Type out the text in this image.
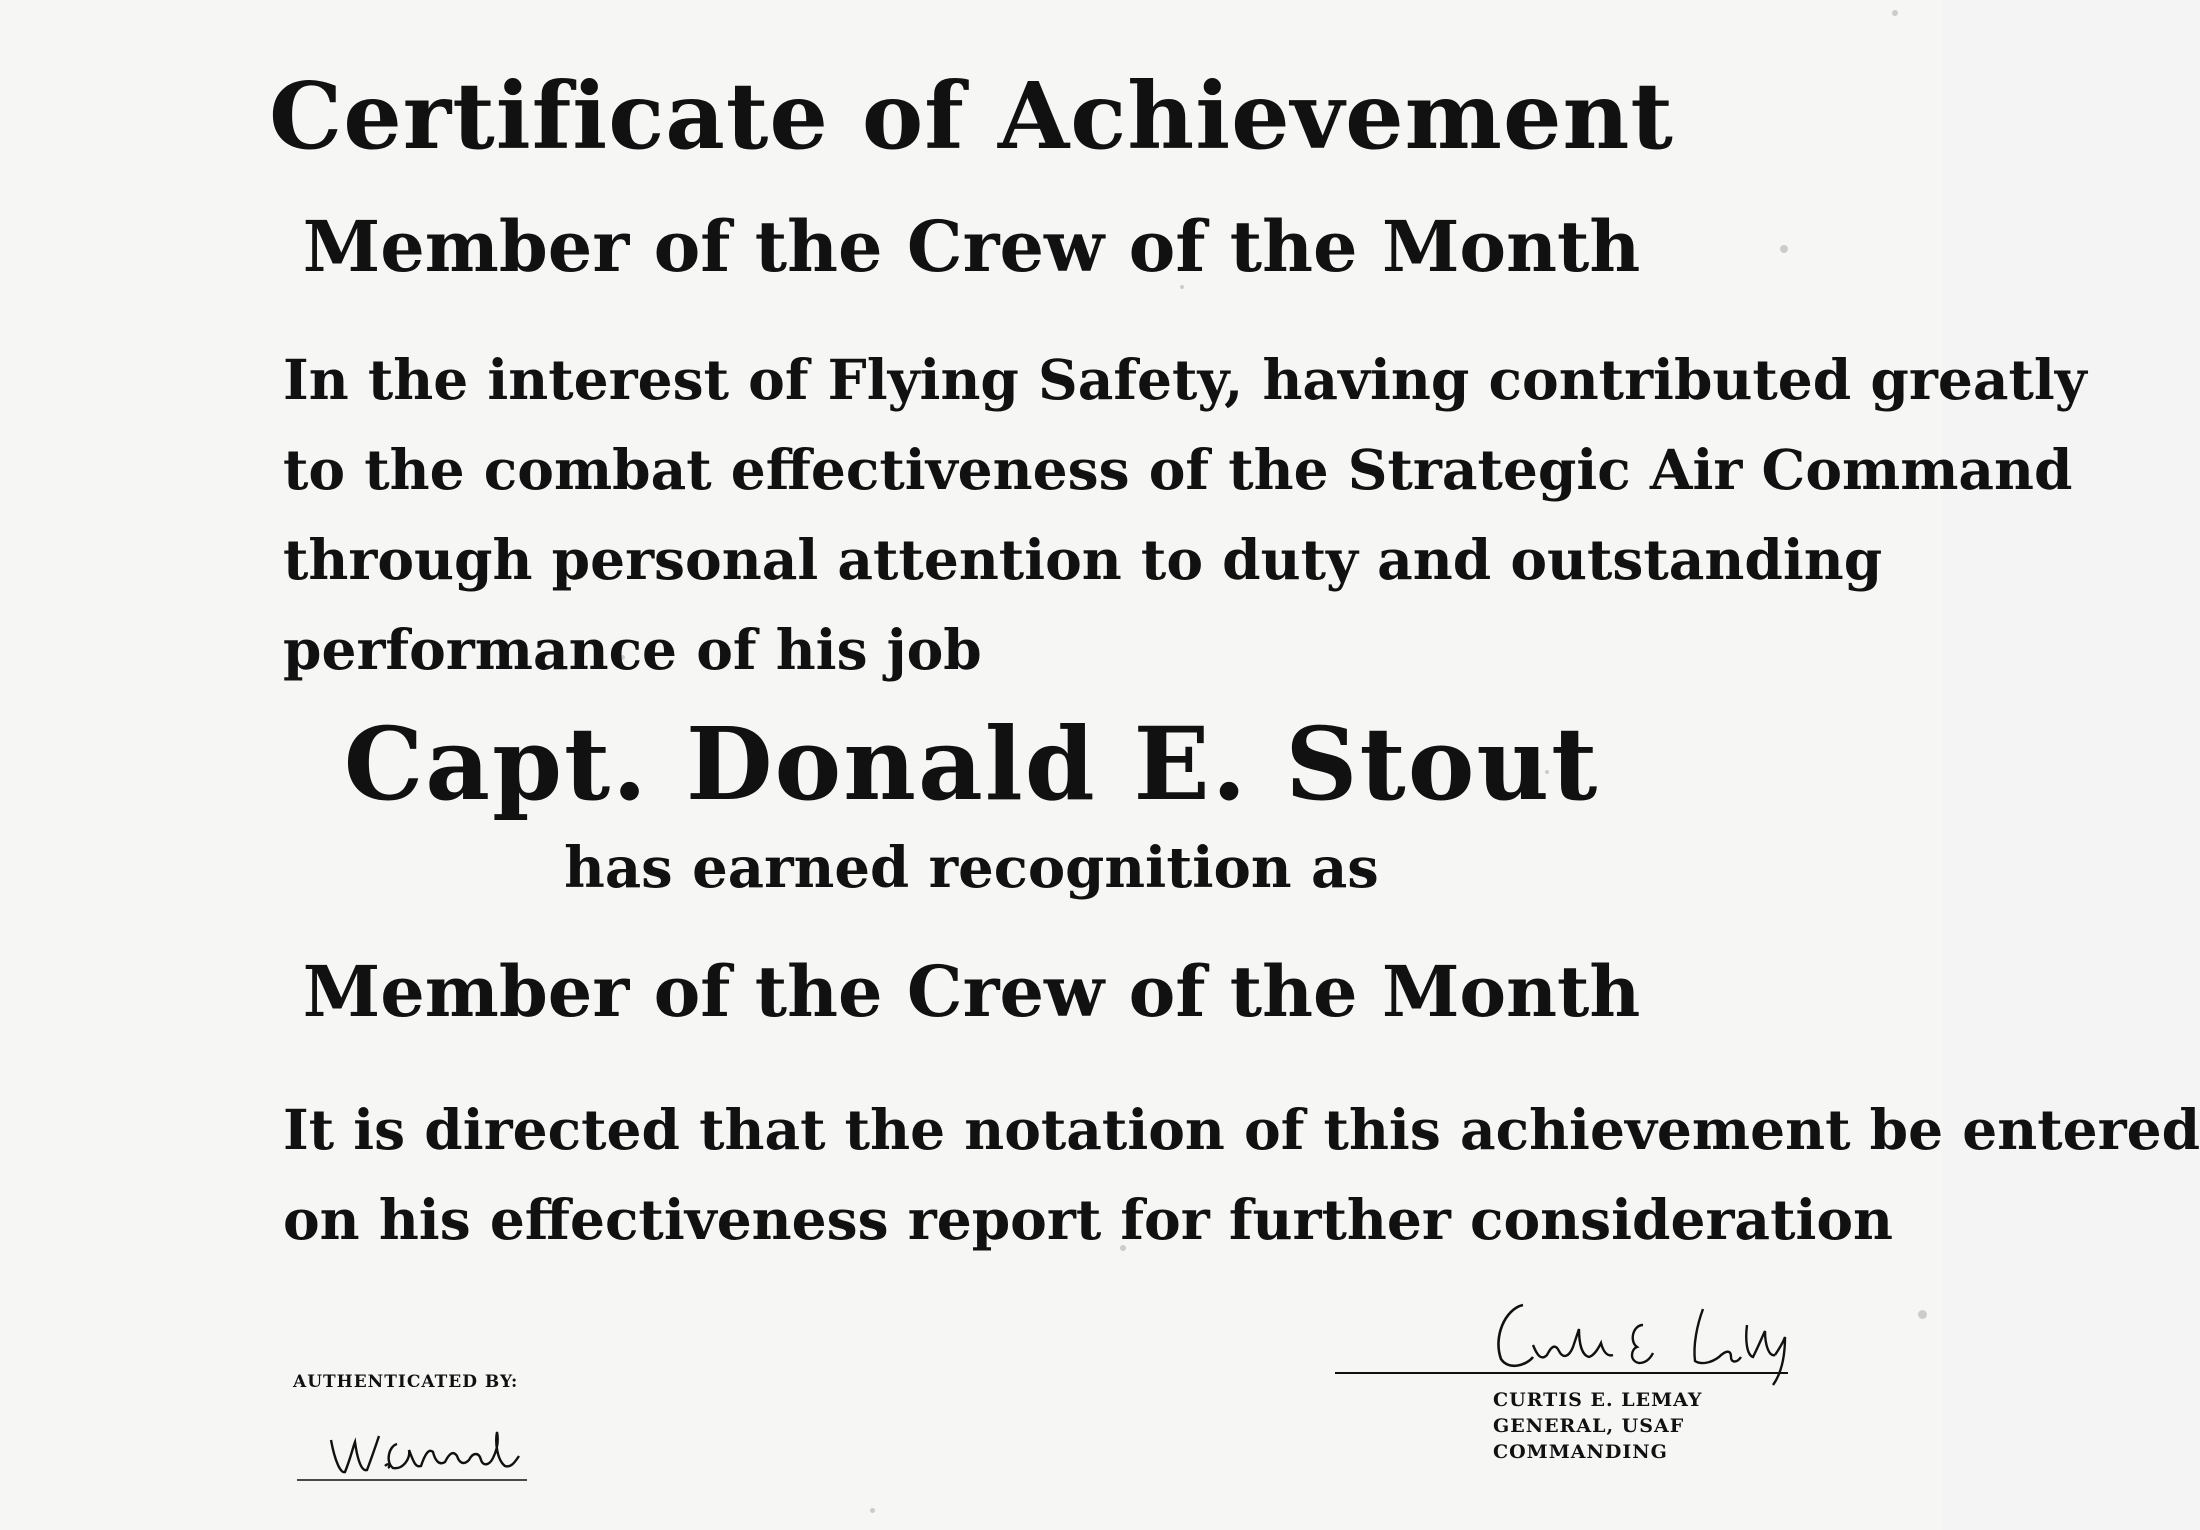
Certificate of Achievement
Member of the Crew of the Month
In the interest of Flying Safety, having contributed greatly
to the combat effectiveness of the Strategic Air Command
through personal attention to duty and outstanding
performance of his job
Capt. Donald E. Stout
has earned recognition as
Member of the Crew of the Month
It is directed that the notation of this achievement be entered
on his effectiveness report for further consideration
AUTHENTICATED BY:
CURTIS E. LEMAY
GENERAL, USAF
COMMANDING
